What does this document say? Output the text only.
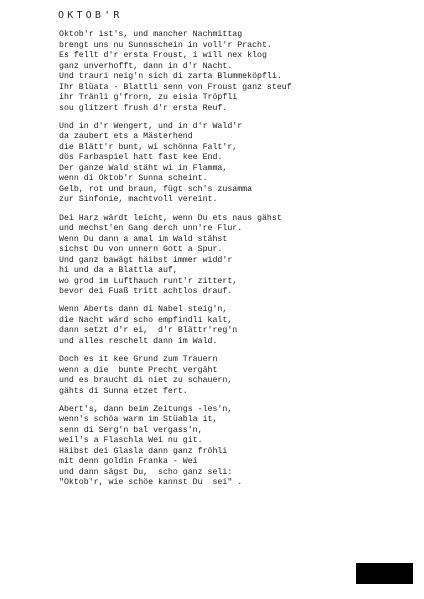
OKTOB'R
Oktob'r ist's, und mancher Nachmittag
brengt uns nu Sunnsschein in voll'r Pracht.
Es fellt d'r ersta Froust, i will nex klog
ganz unverhofft, dann in d'r Nacht.
Und trauri neig'n sich di zarta Blummeköpfli.
Ihr Blüata - Blattli senn von Froust ganz steuf
ihr Tränli g'frorn, zu eisia Tröpfli
sou glitzert frush d'r ersta Reuf.
Und in d'r Wengert, und in d'r Wald'r
da zaubert ets a Mästerhend
die Blätt'r bunt, wi schönna Falt'r,
dös Farbaspiel hatt fast kee End.
Der ganze Wald stäht wi in Flamma,
wenn di Oktob'r Sunna scheint.
Gelb, rot und braun, fügt sch's zusamma
zur Sinfonie, machtvoll vereint.
Dei Harz wärdt leicht, wenn Du ets naus gähst
und mechst'en Gang derch unn're Flur.
Wenn Du dann a amal im Wald stähst
sichst Du von unnern Gott a Spur.
Und ganz bawägt häibst immer widd'r
hi und da a Blattla auf,
wo grod im Lufthauch runt'r zittert,
bevor dei Fuaß tritt achtlos drauf.
Wenn Aberts dann di Nabel steig'n,
die Nacht wärd scho empfindli kalt,
dann setzt d'r ei,  d'r Blättr'reg'n
und alles reschelt dann im Wald.
Doch es it kee Grund zum Trauern
wenn a die  bunte Precht vergäht
und es braucht di niet zu schauern,
gähts di Sunna etzet fert.
Abert's, dann beim Zeitungs -les'n,
wenn's schöa warm im Stüabla it,
senn di Serg'n bal vergass'n,
weil's a Flaschla Wei nu git.
Häibst dei Glasla dann ganz fröhli
mit denn goldin Franka - Wei
und dann sägst Du,  scho ganz seli:
"Oktob'r, wie schöe kannst Du  sei" .
